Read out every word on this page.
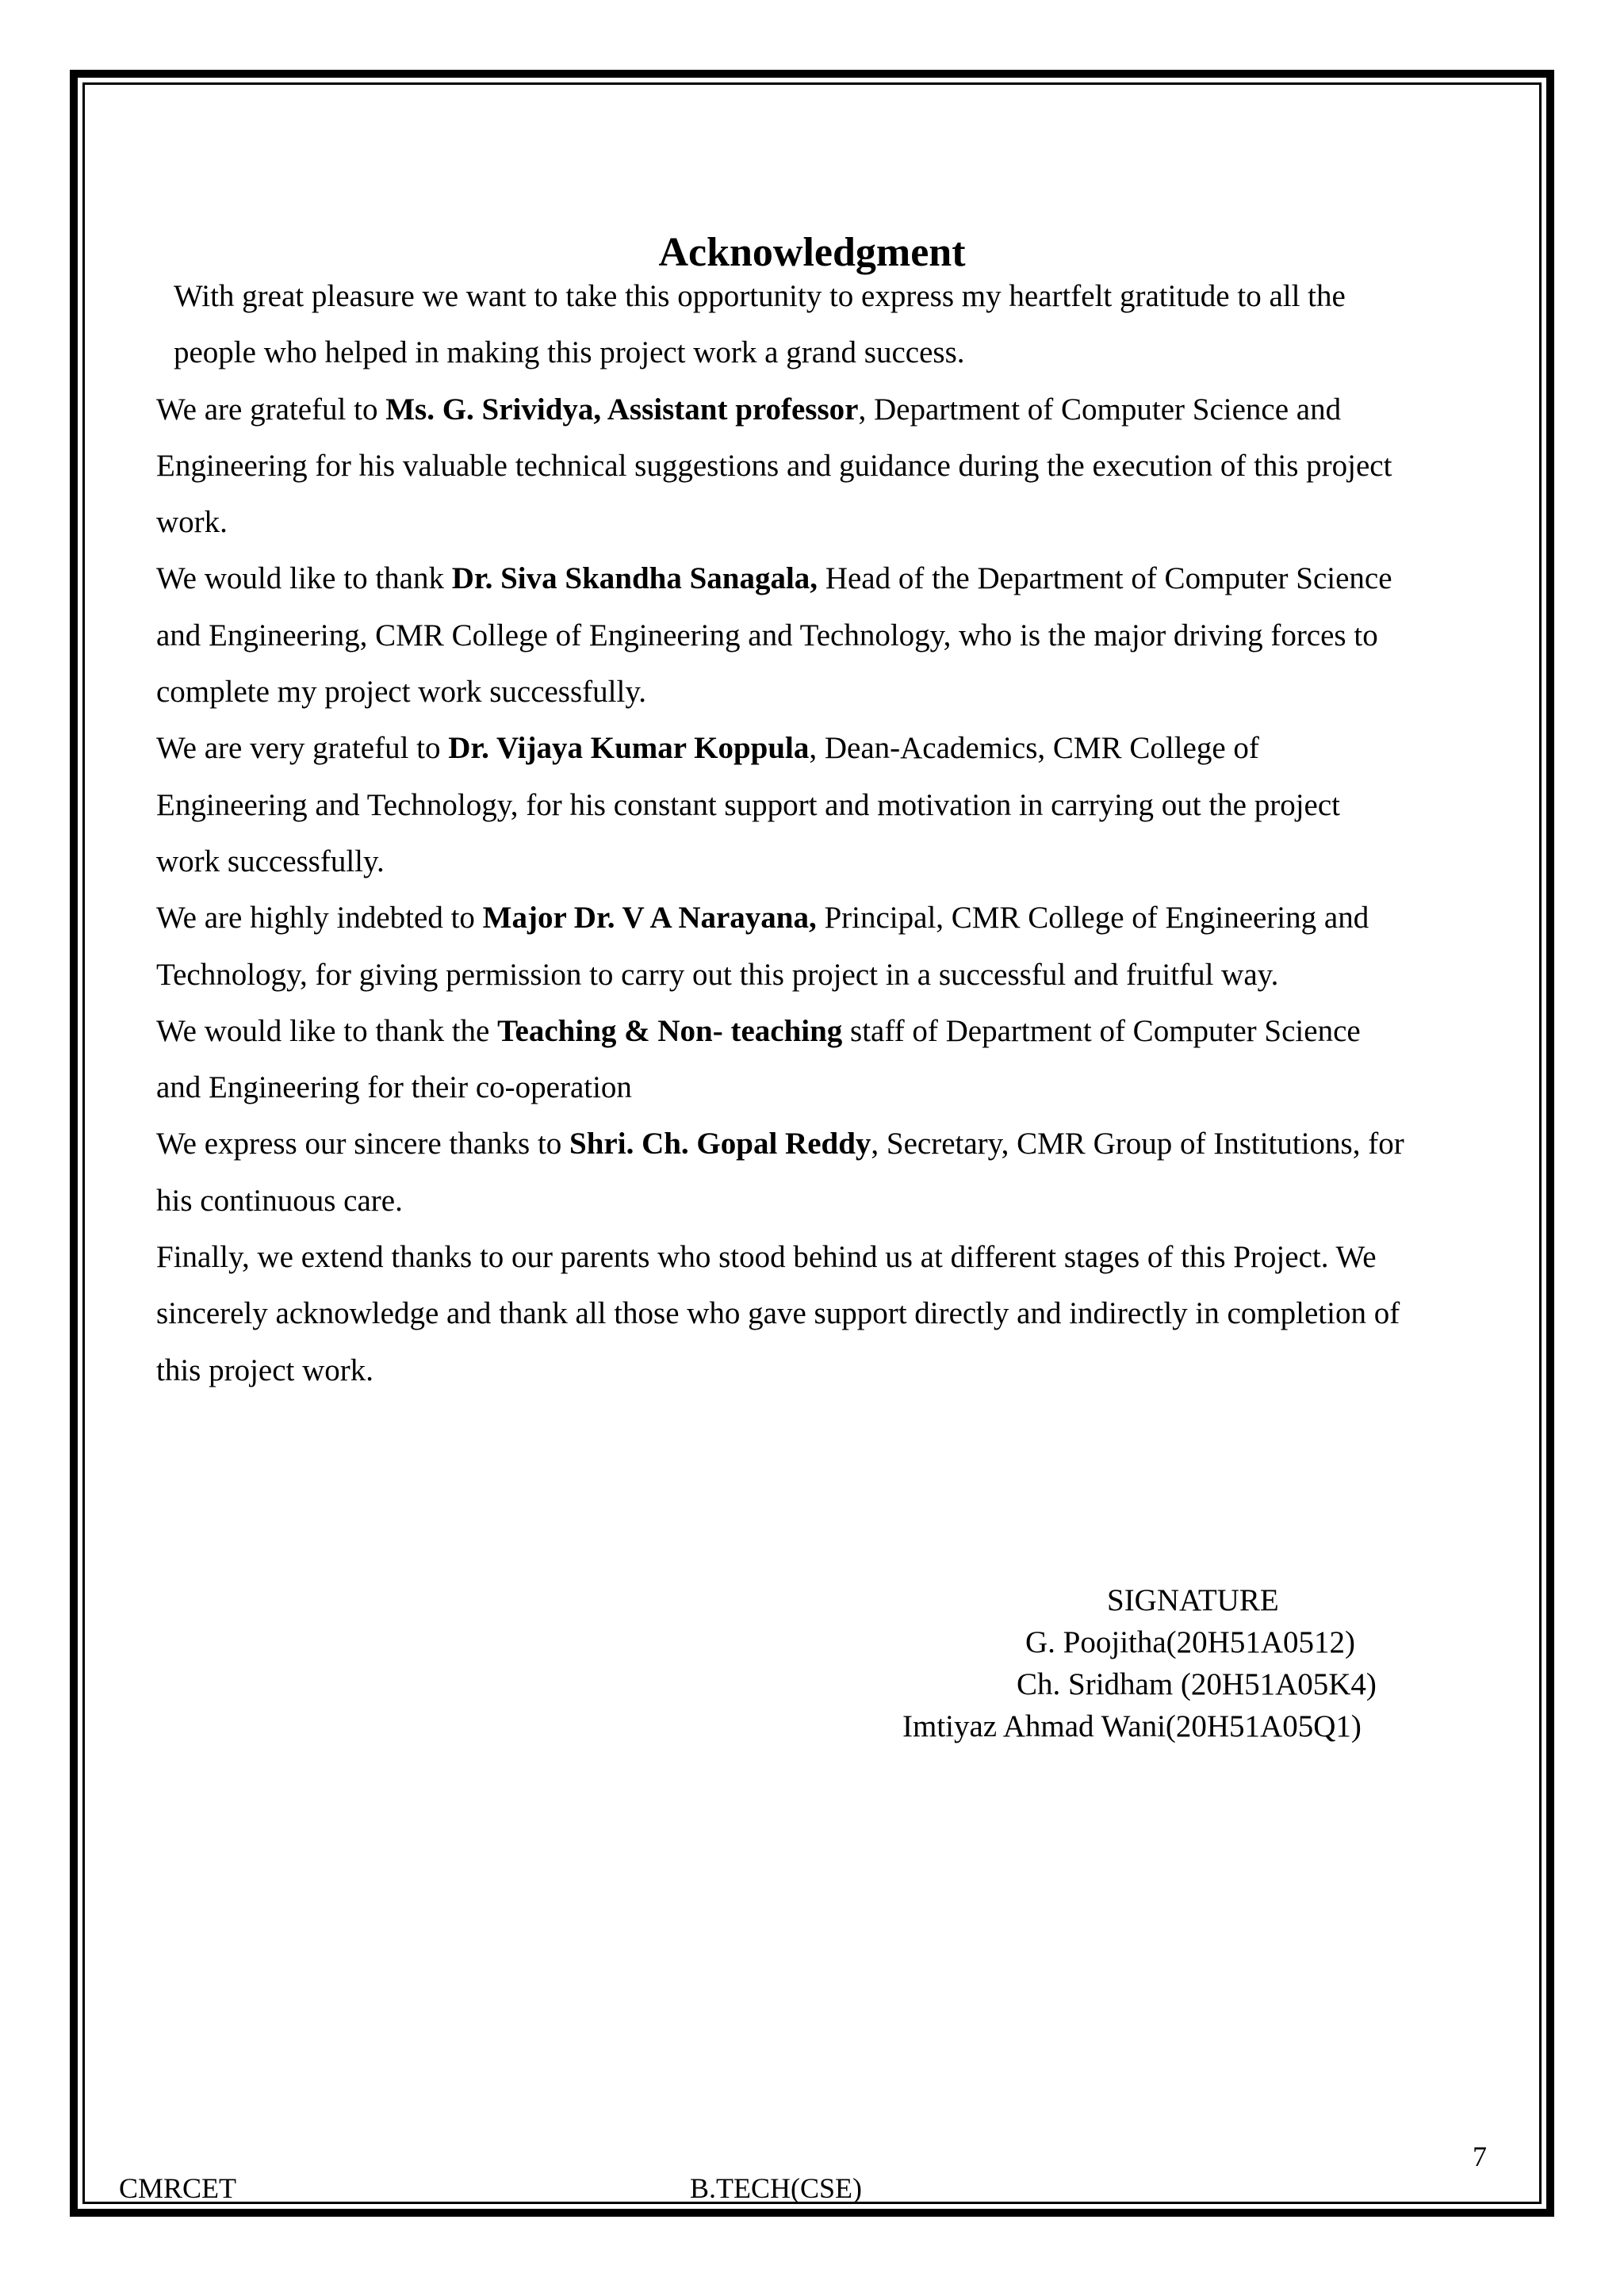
Acknowledgment

With great pleasure we want to take this opportunity to express my heartfelt gratitude to all the
people who helped in making this project work a grand success.

We are grateful to Ms. G. Srividya, Assistant professor, Department of Computer Science and
Engineering for his valuable technical suggestions and guidance during the execution of this project
work.

We would like to thank Dr. Siva Skandha Sanagala, Head of the Department of Computer Science
and Engineering, CMR College of Engineering and Technology, who is the major driving forces to
complete my project work successfully.

We are very grateful to Dr. Vijaya Kumar Koppula, Dean-Academics, CMR College of
Engineering and Technology, for his constant support and motivation in carrying out the project
work successfully.

We are highly indebted to Major Dr. V A Narayana, Principal, CMR College of Engineering and
Technology, for giving permission to carry out this project in a successful and fruitful way.

We would like to thank the Teaching & Non- teaching staff of Department of Computer Science
and Engineering for their co-operation

We express our sincere thanks to Shri. Ch. Gopal Reddy, Secretary, CMR Group of Institutions, for
his continuous care.

Finally, we extend thanks to our parents who stood behind us at different stages of this Project. We
sincerely acknowledge and thank all those who gave support directly and indirectly in completion of
this project work.

SIGNATURE
G. Poojitha(20H51A0512)
Ch. Sridham (20H51A05K4)
Imtiyaz Ahmad Wani(20H51A05Q1)
CMRCET	B.TECH(CSE)
7
